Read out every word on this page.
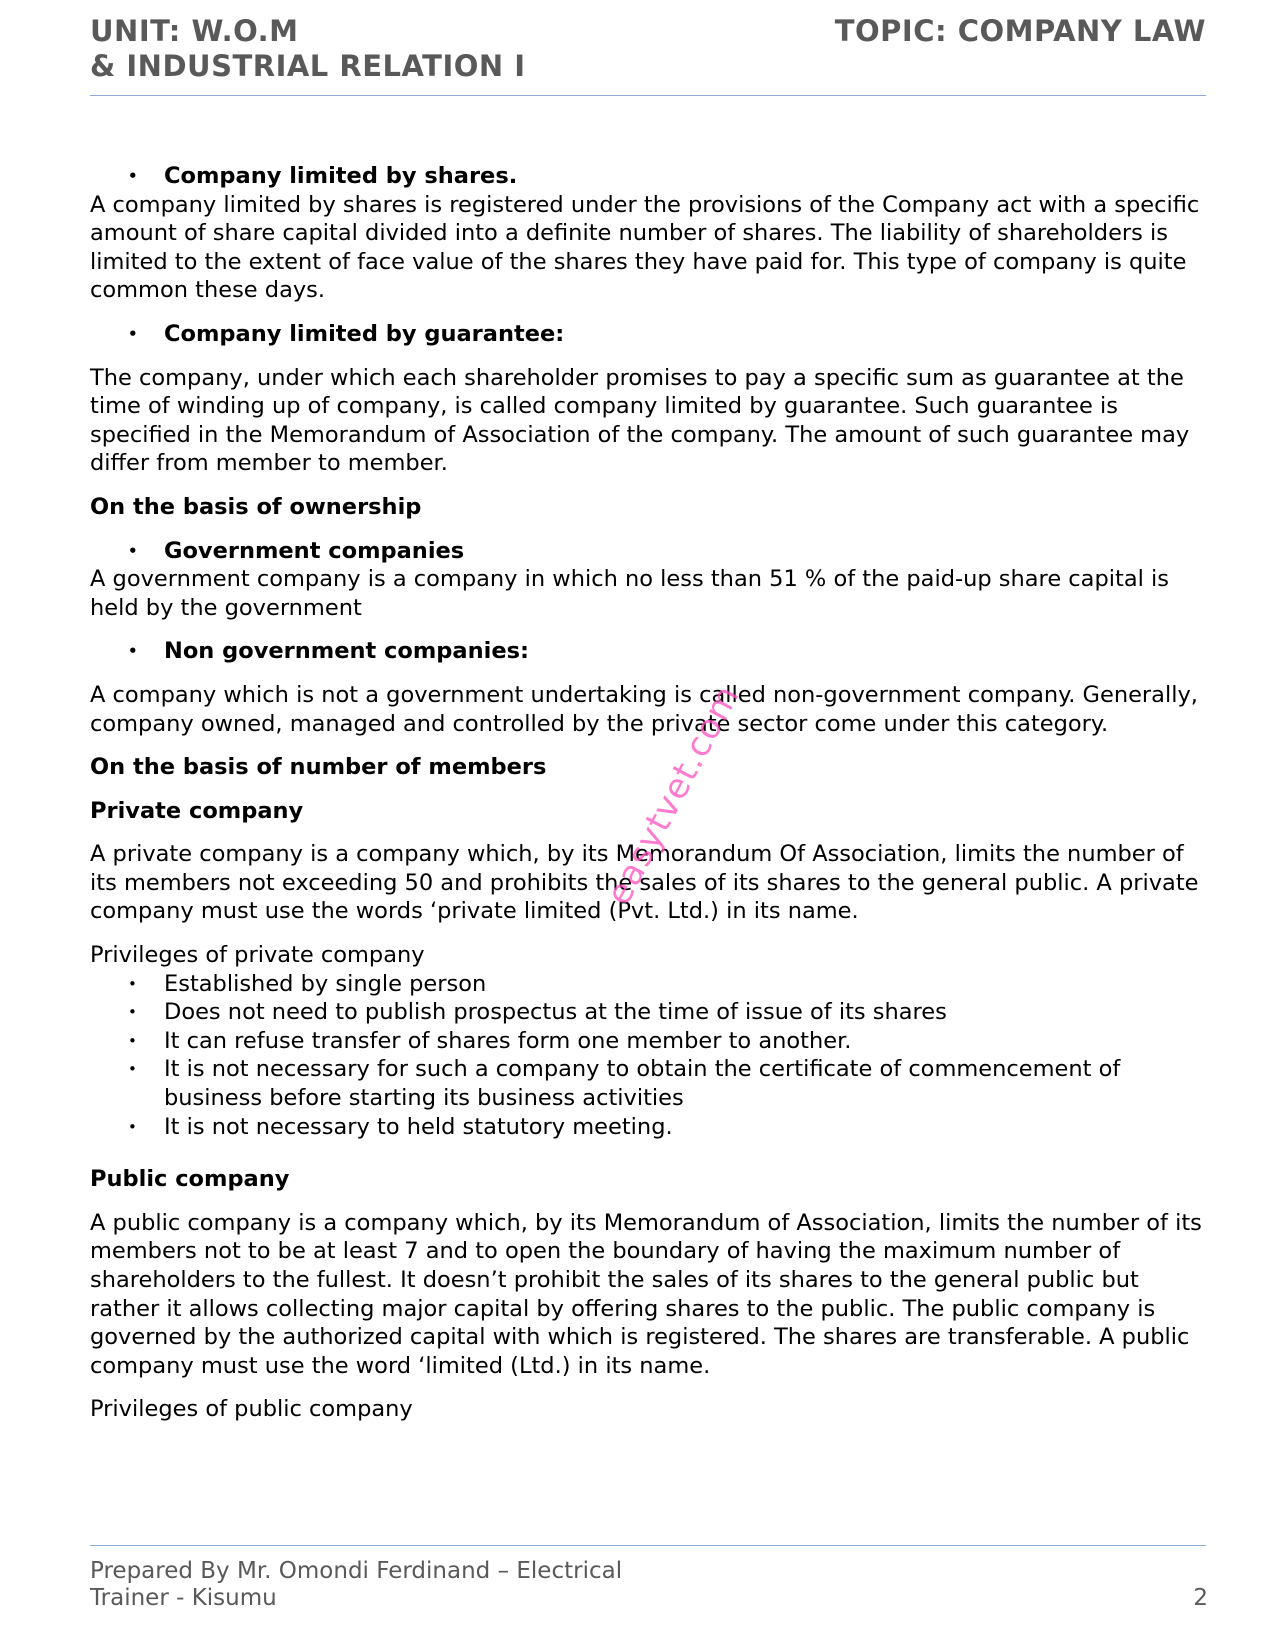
UNIT: W.O.M
& INDUSTRIAL RELATION I
TOPIC: COMPANY LAW

• Company limited by shares.

A company limited by shares is registered under the provisions of the Company act with a specific amount of share capital divided into a definite number of shares. The liability of shareholders is limited to the extent of face value of the shares they have paid for. This type of company is quite common these days.

• Company limited by guarantee:

The company, under which each shareholder promises to pay a specific sum as guarantee at the time of winding up of company, is called company limited by guarantee. Such guarantee is specified in the Memorandum of Association of the company. The amount of such guarantee may differ from member to member.

On the basis of ownership

• Government companies

A government company is a company in which no less than 51 % of the paid-up share capital is held by the government

• Non government companies:

A company which is not a government undertaking is called non-government company. Generally, company owned, managed and controlled by the private sector come under this category.

On the basis of number of members

Private company

A private company is a company which, by its Memorandum Of Association, limits the number of its members not exceeding 50 and prohibits the sales of its shares to the general public. A private company must use the words ‘private limited (Pvt. Ltd.) in its name.

Privileges of private company

• Established by single person

• Does not need to publish prospectus at the time of issue of its shares

• It can refuse transfer of shares form one member to another.

• It is not necessary for such a company to obtain the certificate of commencement of business before starting its business activities

• It is not necessary to held statutory meeting.

Public company

A public company is a company which, by its Memorandum of Association, limits the number of its members not to be at least 7 and to open the boundary of having the maximum number of shareholders to the fullest. It doesn’t prohibit the sales of its shares to the general public but rather it allows collecting major capital by offering shares to the public. The public company is governed by the authorized capital with which is registered. The shares are transferable. A public company must use the word ‘limited (Ltd.) in its name.

Privileges of public company

easytvet.com
Prepared By Mr. Omondi Ferdinand – Electrical
Trainer - Kisumu	2
